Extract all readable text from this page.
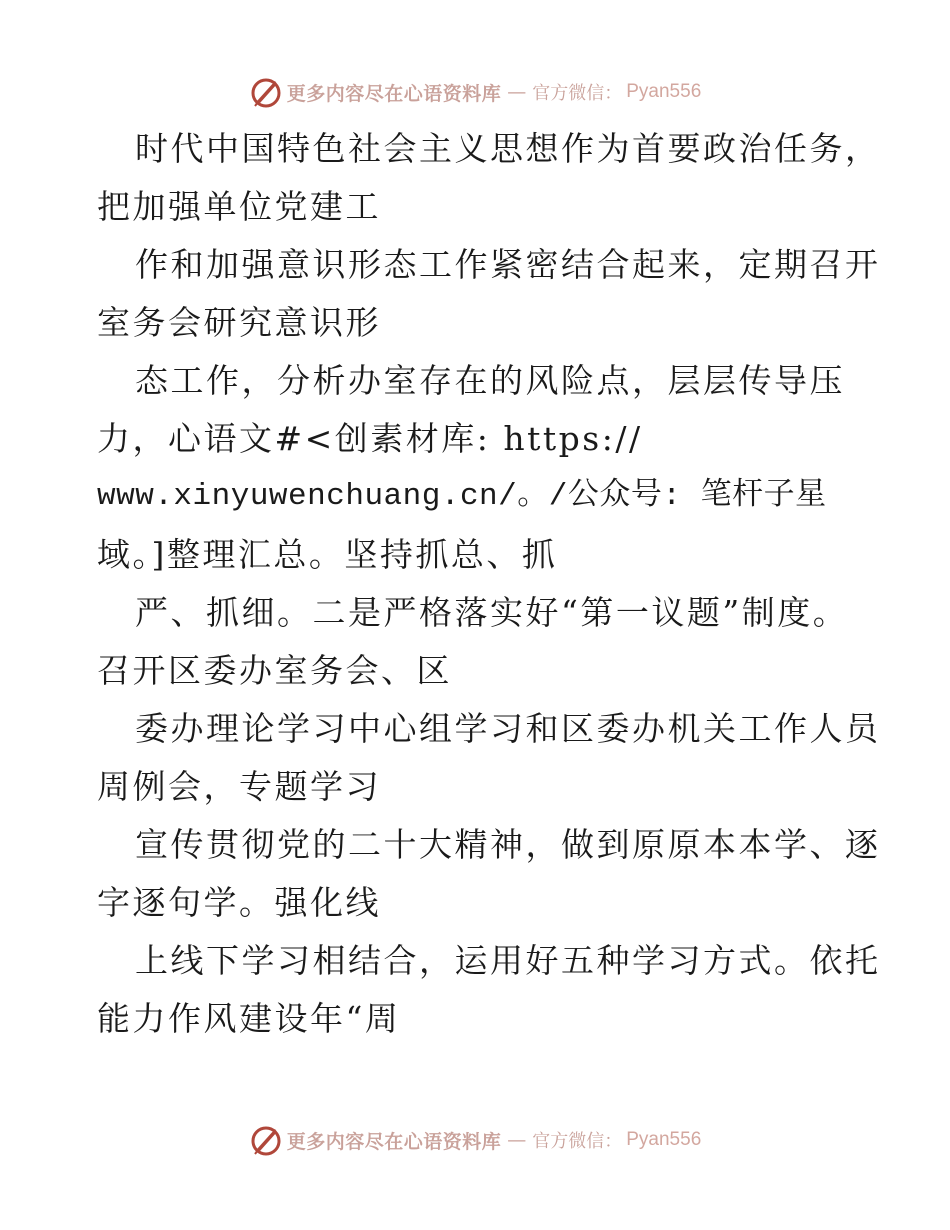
更多内容尽在心语资料库 — 官方微信： Pyan556
时代中国特色社会主义思想作为首要政治任务，
把加强单位党建工
作和加强意识形态工作紧密结合起来，定期召开
室务会研究意识形
态工作，分析办室存在的风险点，层层传导压
力，心语文#<创素材库: https://
www.xinyuwenchuang.cn/。/公众号: 笔杆子星
域。]整理汇总。坚持抓总、抓
严、抓细。二是严格落实好“第一议题”制度。
召开区委办室务会、区
委办理论学习中心组学习和区委办机关工作人员
周例会，专题学习
宣传贯彻党的二十大精神，做到原原本本学、逐
字逐句学。强化线
上线下学习相结合，运用好五种学习方式。依托
能力作风建设年“周
更多内容尽在心语资料库 — 官方微信： Pyan556
